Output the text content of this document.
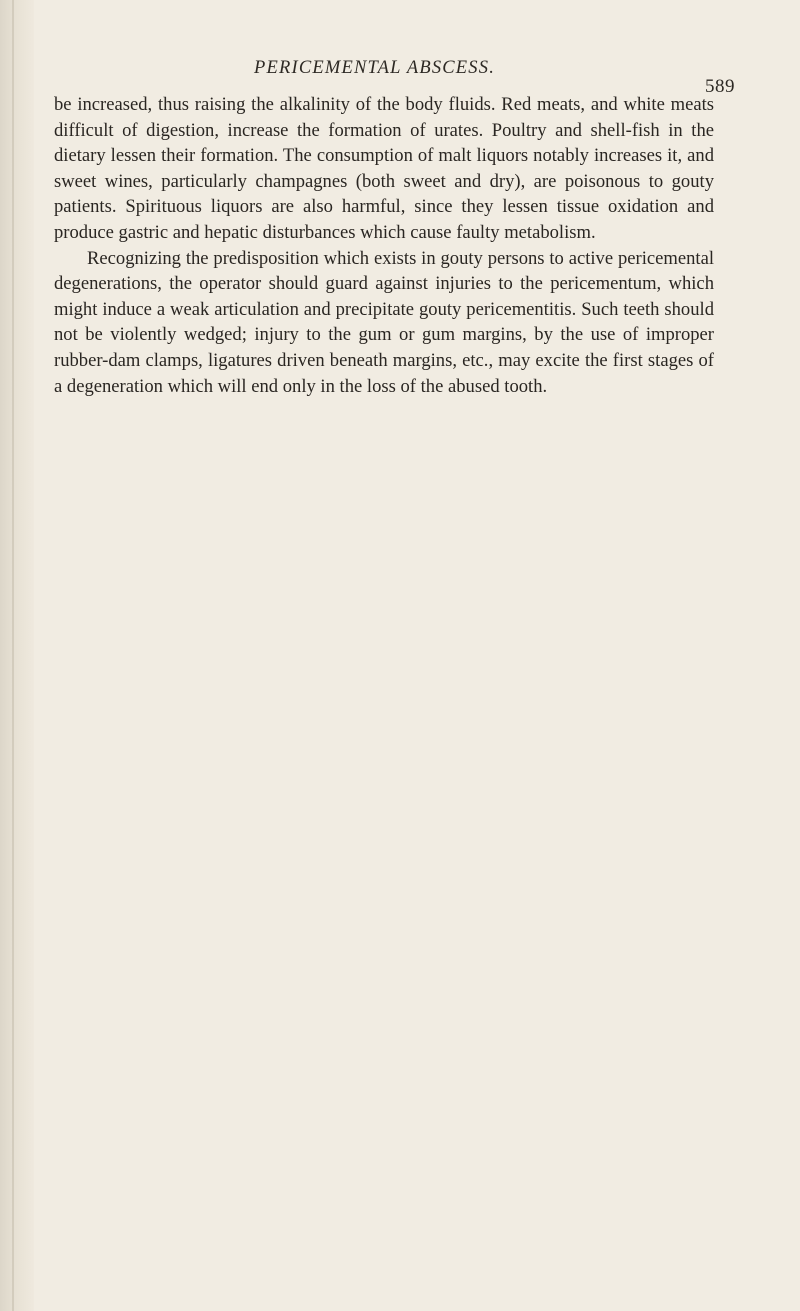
PERICEMENTAL ABSCESS.
589

be increased, thus raising the alkalinity of the body fluids. Red meats, and white meats difficult of digestion, increase the formation of urates. Poultry and shell-fish in the dietary lessen their formation. The consumption of malt liquors notably increases it, and sweet wines, particularly champagnes (both sweet and dry), are poisonous to gouty patients. Spirituous liquors are also harmful, since they lessen tissue oxidation and produce gastric and hepatic disturbances which cause faulty metabolism.

Recognizing the predisposition which exists in gouty persons to active pericemental degenerations, the operator should guard against injuries to the pericementum, which might induce a weak articulation and precipitate gouty pericementitis. Such teeth should not be violently wedged; injury to the gum or gum margins, by the use of improper rubber-dam clamps, ligatures driven beneath margins, etc., may excite the first stages of a degeneration which will end only in the loss of the abused tooth.
